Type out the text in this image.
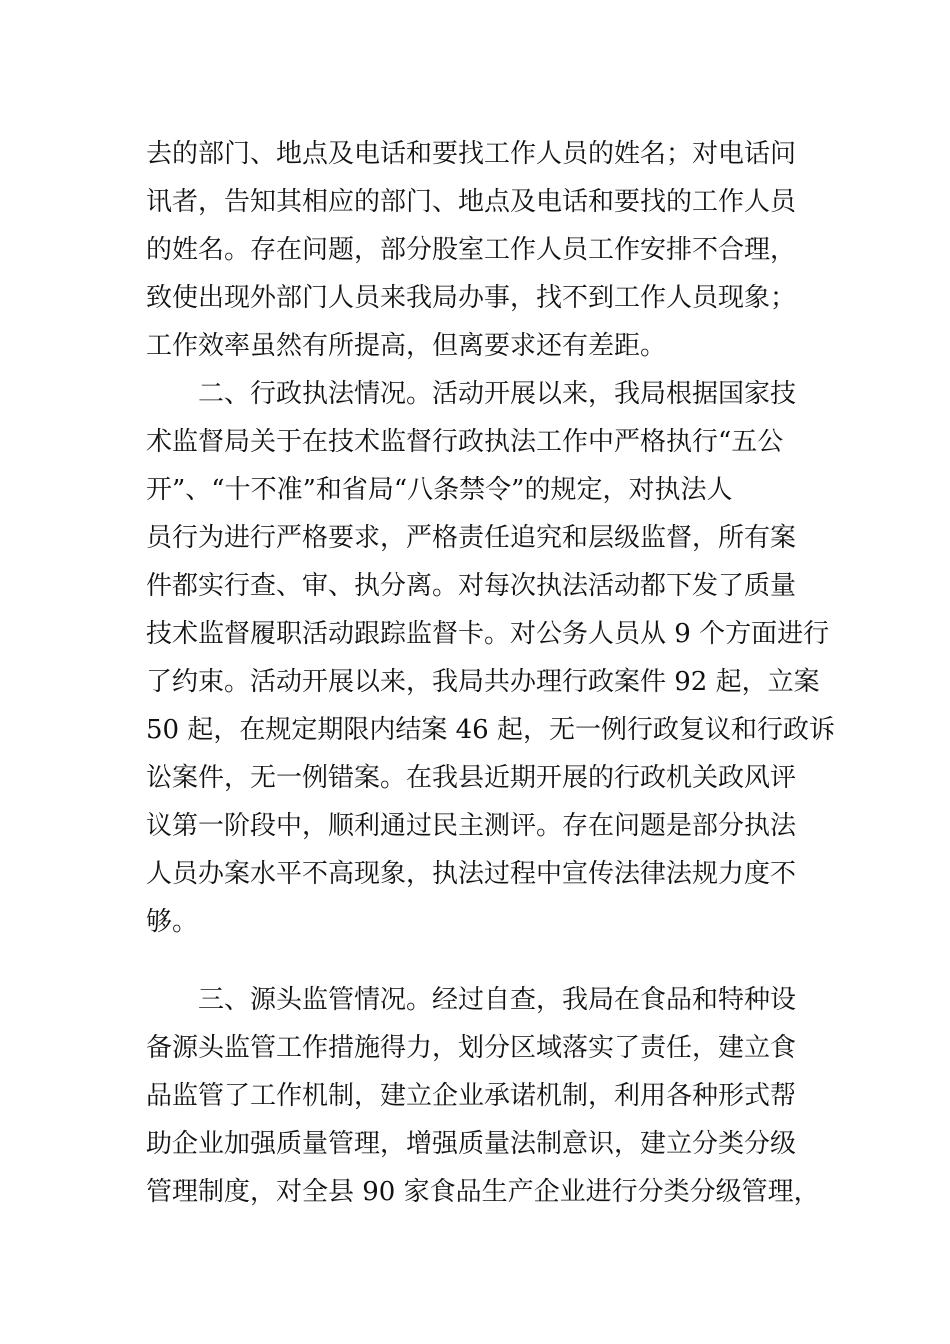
去的部门、地点及电话和要找工作人员的姓名；对电话问
讯者，告知其相应的部门、地点及电话和要找的工作人员
的姓名。存在问题，部分股室工作人员工作安排不合理，
致使出现外部门人员来我局办事，找不到工作人员现象；
工作效率虽然有所提高，但离要求还有差距。
　　二、行政执法情况。活动开展以来，我局根据国家技
术监督局关于在技术监督行政执法工作中严格执行“五公
开”、“十不准”和省局“八条禁令”的规定，对执法人
员行为进行严格要求，严格责任追究和层级监督，所有案
件都实行查、审、执分离。对每次执法活动都下发了质量
技术监督履职活动跟踪监督卡。对公务人员从 9 个方面进行
了约束。活动开展以来，我局共办理行政案件 92 起，立案
50 起，在规定期限内结案 46 起，无一例行政复议和行政诉
讼案件，无一例错案。在我县近期开展的行政机关政风评
议第一阶段中，顺利通过民主测评。存在问题是部分执法
人员办案水平不高现象，执法过程中宣传法律法规力度不
够。
　　三、源头监管情况。经过自查，我局在食品和特种设
备源头监管工作措施得力，划分区域落实了责任，建立食
品监管了工作机制，建立企业承诺机制，利用各种形式帮
助企业加强质量管理，增强质量法制意识，建立分类分级
管理制度，对全县 90 家食品生产企业进行分类分级管理，
